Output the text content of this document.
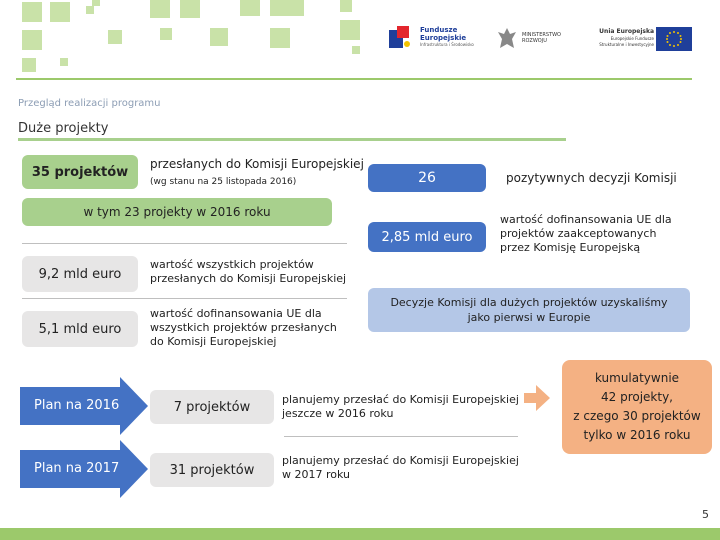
Fundusze
Europejskie
Infrastruktura i Środowisko
MINISTERSTWO
ROZWOJU
Unia Europejska
Europejskie Fundusze
Strukturalne i Inwestycyjne
Przegląd realizacji programu
Duże projekty
35 projektów
przesłanych do Komisji Europejskiej
(wg stanu na 25 listopada 2016)
w tym 23 projekty w 2016 roku
9,2 mld euro
wartość wszystkich projektów przesłanych do Komisji Europejskiej
5,1 mld euro
wartość dofinansowania UE dla wszystkich projektów przesłanych do Komisji Europejskiej
26	pozytywnych decyzji Komisji
2,85 mld euro
wartość dofinansowania UE dla projektów zaakceptowanych przez Komisję Europejską
Decyzje Komisji dla dużych projektów uzyskaliśmy jako pierwsi w Europie
Plan na 2016	7 projektów	planujemy przesłać do Komisji Europejskiej jeszcze w 2016 roku
Plan na 2017	31 projektów
planujemy przesłać do Komisji Europejskiej w 2017 roku
kumulatywnie
42 projekty,
z czego 30 projektów
tylko w 2016 roku
5
